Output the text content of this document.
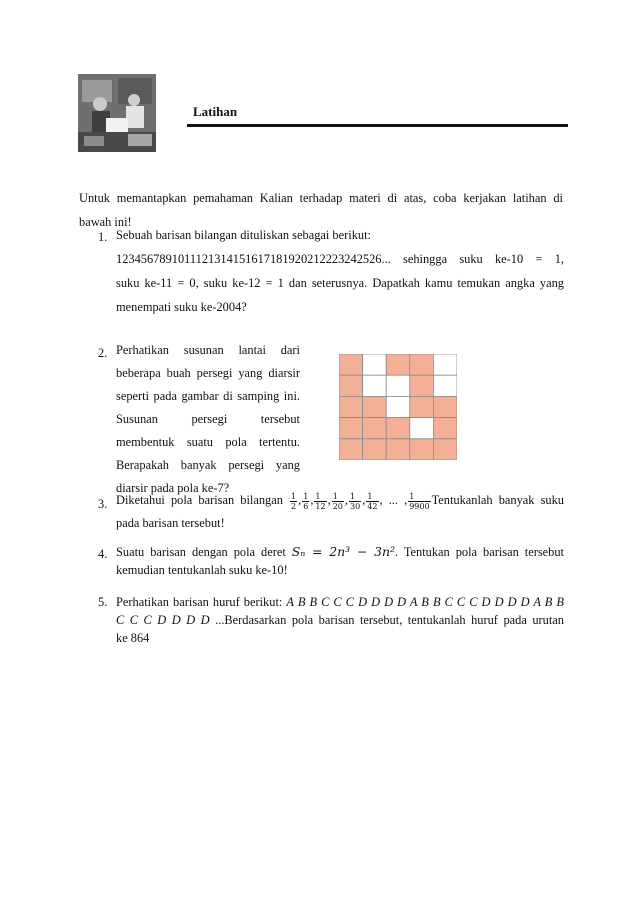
Latihan
Untuk memantapkan pemahaman Kalian terhadap materi di atas, coba kerjakan latihan di
bawah ini!
1. Sebuah barisan bilangan dituliskan sebagai berikut:
1234567891011121314151617181920212223242526... sehingga suku ke-10 = 1,
suku ke-11 = 0, suku ke-12 = 1 dan seterusnya. Dapatkah kamu temukan angka yang
menempati suku ke-2004?
2. Perhatikan susunan lantai dari
beberapa buah persegi yang diarsir
seperti pada gambar di samping ini.
Susunan persegi tersebut
membentuk suatu pola tertentu.
Berapakah banyak persegi yang
diarsir pada pola ke-7?
3. Diketahui pola barisan bilangan $\frac{1}{2}$ , $\frac{1}{6}$ , $\frac{1}{12}$ , $\frac{1}{20}$ , $\frac{1}{30}$ , $\frac{1}{42}$ , ... , $\frac{1}{9900}$ Tentukanlah banyak suku
pada barisan tersebut!
4. Suatu barisan dengan pola deret Sₙ = 2n³ − 3n². Tentukan pola barisan tersebut
kemudian tentukanlah suku ke-10!
5. Perhatikan barisan huruf berikut: A B B C C C D D D D A B B C C C D D D D A B B
C C C D D D D ...Berdasarkan pola barisan tersebut, tentukanlah huruf pada urutan
ke 864
